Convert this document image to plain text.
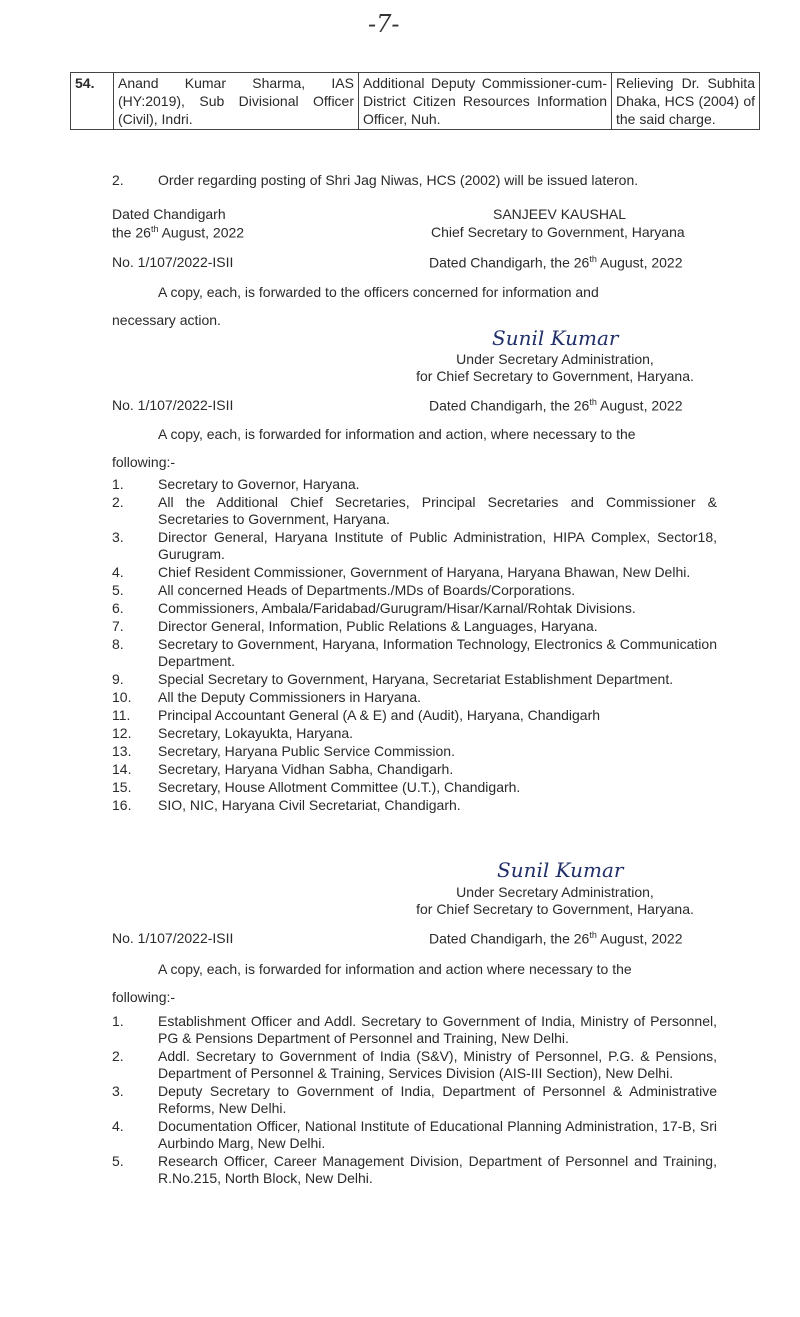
-7-
54.	Anand Kumar Sharma, IAS (HY:2019), Sub Divisional Officer (Civil), Indri.	Additional Deputy Commissioner-cum-District Citizen Resources Information Officer, Nuh.	Relieving Dr. Subhita Dhaka, HCS (2004) of the said charge.
2. Order regarding posting of Shri Jag Niwas, HCS (2002) will be issued lateron.
Dated Chandigarh
the 26th August, 2022
SANJEEV KAUSHAL
Chief Secretary to Government, Haryana
No. 1/107/2022-ISII	Dated Chandigarh, the 26th August, 2022
A copy, each, is forwarded to the officers concerned for information and
necessary action.
Sunil Kumar
Under Secretary Administration,
for Chief Secretary to Government, Haryana.
No. 1/107/2022-ISII	Dated Chandigarh, the 26th August, 2022
A copy, each, is forwarded for information and action, where necessary to the
following:-
1. Secretary to Governor, Haryana.
2. All the Additional Chief Secretaries, Principal Secretaries and Commissioner & Secretaries to Government, Haryana.
3. Director General, Haryana Institute of Public Administration, HIPA Complex, Sector18, Gurugram.
4. Chief Resident Commissioner, Government of Haryana, Haryana Bhawan, New Delhi.
5. All concerned Heads of Departments./MDs of Boards/Corporations.
6. Commissioners, Ambala/Faridabad/Gurugram/Hisar/Karnal/Rohtak Divisions.
7. Director General, Information, Public Relations & Languages, Haryana.
8. Secretary to Government, Haryana, Information Technology, Electronics & Communication Department.
9. Special Secretary to Government, Haryana, Secretariat Establishment Department.
10. All the Deputy Commissioners in Haryana.
11. Principal Accountant General (A & E) and (Audit), Haryana, Chandigarh
12. Secretary, Lokayukta, Haryana.
13. Secretary, Haryana Public Service Commission.
14. Secretary, Haryana Vidhan Sabha, Chandigarh.
15. Secretary, House Allotment Committee (U.T.), Chandigarh.
16. SIO, NIC, Haryana Civil Secretariat, Chandigarh.
Sunil Kumar
Under Secretary Administration,
for Chief Secretary to Government, Haryana.
No. 1/107/2022-ISII	Dated Chandigarh, the 26th August, 2022
A copy, each, is forwarded for information and action where necessary to the
following:-
1. Establishment Officer and Addl. Secretary to Government of India, Ministry of Personnel, PG & Pensions Department of Personnel and Training, New Delhi.
2. Addl. Secretary to Government of India (S&V), Ministry of Personnel, P.G. & Pensions, Department of Personnel & Training, Services Division (AIS-III Section), New Delhi.
3. Deputy Secretary to Government of India, Department of Personnel & Administrative Reforms, New Delhi.
4. Documentation Officer, National Institute of Educational Planning Administration, 17-B, Sri Aurbindo Marg, New Delhi.
5. Research Officer, Career Management Division, Department of Personnel and Training, R.No.215, North Block, New Delhi.
